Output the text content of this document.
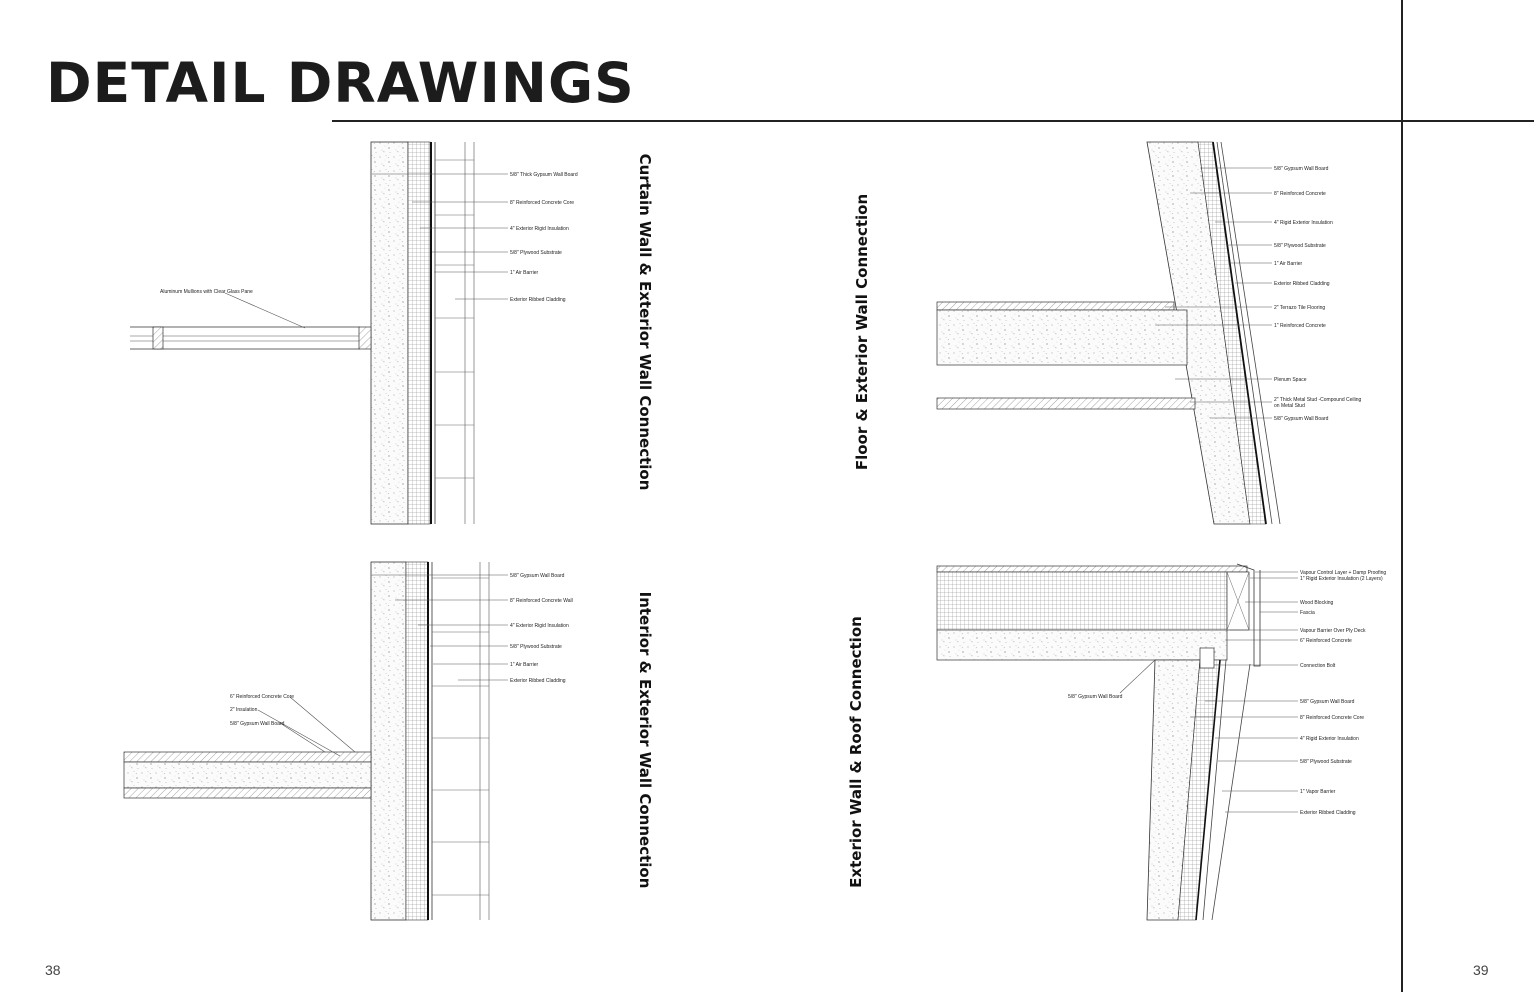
DETAIL DRAWINGS
38	39
5/8" Thick Gypsum Wall Board
8" Reinforced Concrete Core
4" Exterior Rigid Insulation
5/8" Plywood Substrate
1" Air Barrier
Exterior Ribbed Cladding
Aluminum Mullions with Clear Glass Pane
5/8" Gypsum Wall Board
8" Reinforced Concrete Wall
4" Exterior Rigid Insulation
5/8" Plywood Substrate
1" Air Barrier
Exterior Ribbed Cladding
6" Reinforced Concrete Core
2" Insulation
5/8" Gypsum Wall Board
5/8" Gypsum Wall Board
8" Reinforced Concrete
4" Rigid Exterior Insulation
5/8" Plywood Substrate
1" Air Barrier
Exterior Ribbed Cladding
2" Terrazo Tile Flooring
1" Reinforced Concrete
Plenum Space
2" Thick Metal Stud -Compound Ceiling
on Metal Stud
5/8" Gypsum Wall Board
Vapour Control Layer + Damp Proofing
1" Rigid Exterior Insulation (2 Layers)
Wood Blocking
Fascia
Vapour Barrier Over Ply Deck
6" Reinforced Concrete
Connection Bolt
5/8" Gypsum Wall Board
8" Reinforced Concrete Core
4" Rigid Exterior Insulation
5/8" Plywood Substrate
1" Vapor Barrier
Exterior Ribbed Cladding
5/8" Gypsum Wall Board
Curtain Wall & Exterior Wall Connection
Interior & Exterior Wall Connection
Floor & Exterior Wall Connection
Exterior Wall & Roof Connection
